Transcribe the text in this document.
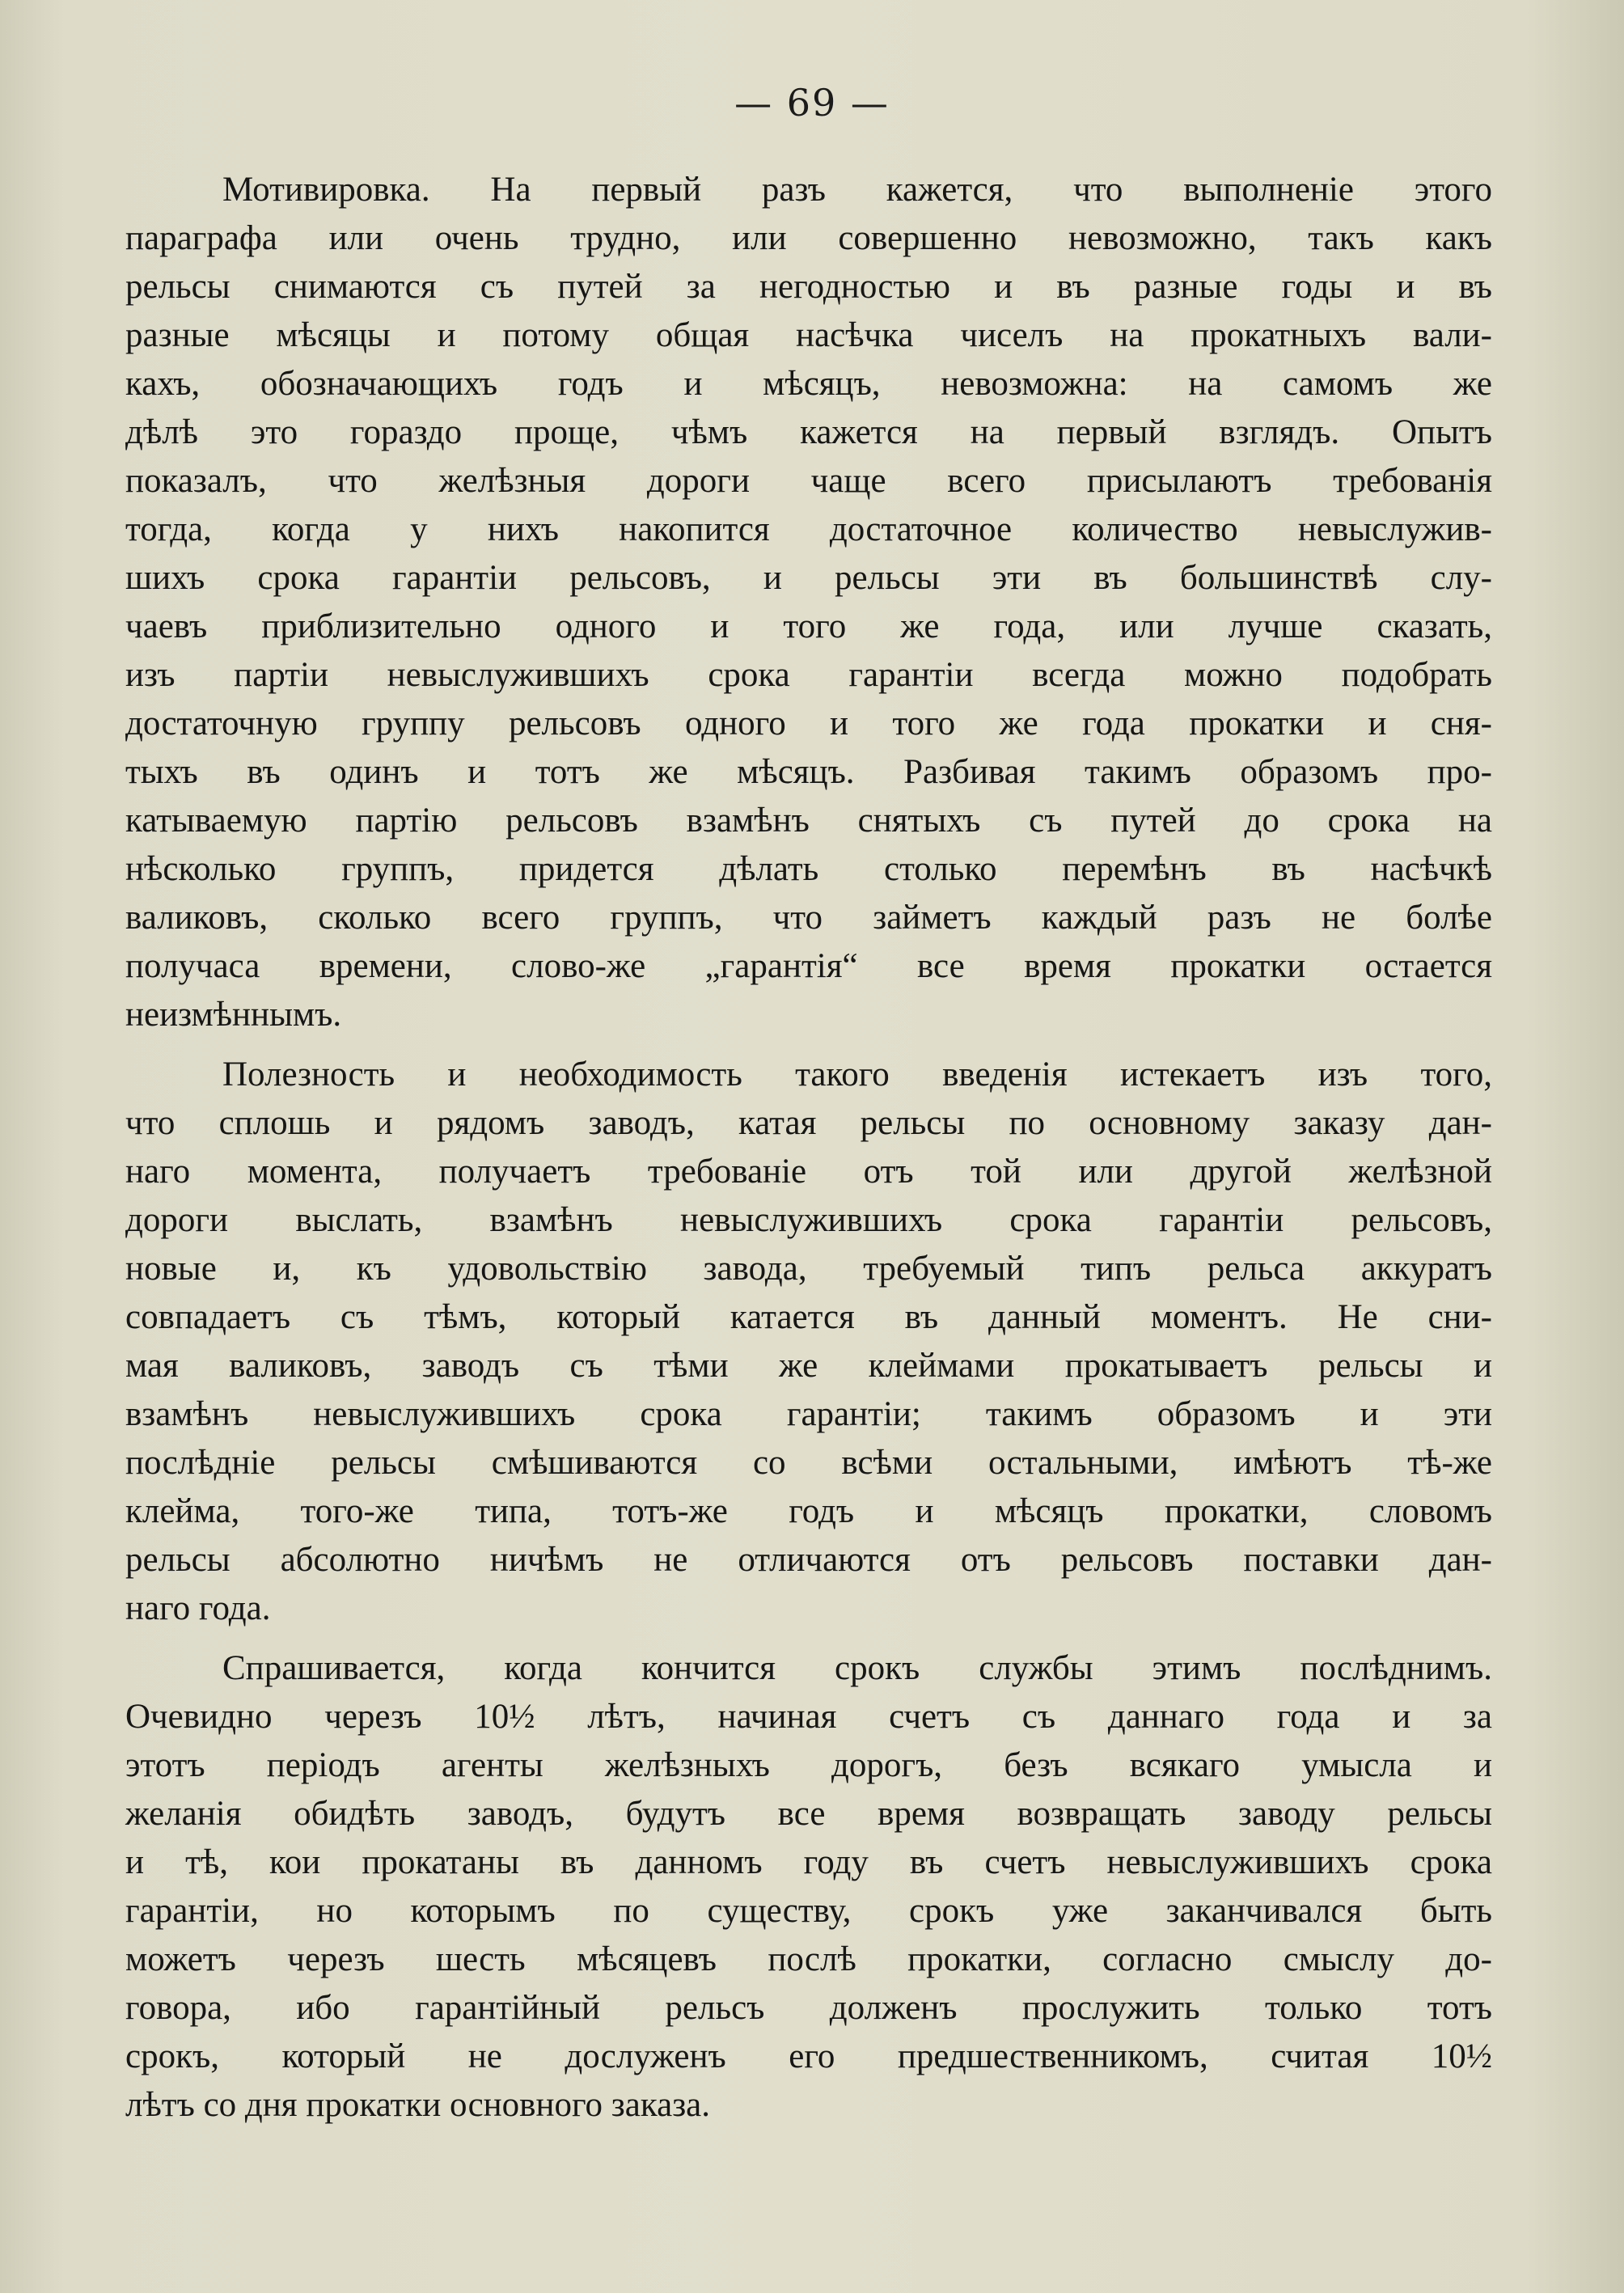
— 69 —
Мотивировка. На первый разъ кажется, что выполненіе этого
параграфа или очень трудно, или совершенно невозможно, такъ какъ
рельсы снимаются съ путей за негодностью и въ разные годы и въ
разные мѣсяцы и потому общая насѣчка чиселъ на прокатныхъ вали-
кахъ, обозначающихъ годъ и мѣсяцъ, невозможна: на самомъ же
дѣлѣ это гораздо проще, чѣмъ кажется на первый взглядъ. Опытъ
показалъ, что желѣзныя дороги чаще всего присылаютъ требованія
тогда, когда у нихъ накопится достаточное количество невыслужив-
шихъ срока гарантіи рельсовъ, и рельсы эти въ большинствѣ слу-
чаевъ приблизительно одного и того же года, или лучше сказать,
изъ партіи невыслужившихъ срока гарантіи всегда можно подобрать
достаточную группу рельсовъ одного и того же года прокатки и сня-
тыхъ въ одинъ и тотъ же мѣсяцъ. Разбивая такимъ образомъ про-
катываемую партію рельсовъ взамѣнъ снятыхъ съ путей до срока на
нѣсколько группъ, придется дѣлать столько перемѣнъ въ насѣчкѣ
валиковъ, сколько всего группъ, что займетъ каждый разъ не болѣе
получаса времени, слово-же „гарантія“ все время прокатки остается
неизмѣннымъ.
Полезность и необходимость такого введенія истекаетъ изъ того,
что сплошь и рядомъ заводъ, катая рельсы по основному заказу дан-
наго момента, получаетъ требованіе отъ той или другой желѣзной
дороги выслать, взамѣнъ невыслужившихъ срока гарантіи рельсовъ,
новые и, къ удовольствію завода, требуемый типъ рельса аккуратъ
совпадаетъ съ тѣмъ, который катается въ данный моментъ. Не сни-
мая валиковъ, заводъ съ тѣми же клеймами прокатываетъ рельсы и
взамѣнъ невыслужившихъ срока гарантіи; такимъ образомъ и эти
послѣдніе рельсы смѣшиваются со всѣми остальными, имѣютъ тѣ-же
клейма, того-же типа, тотъ-же годъ и мѣсяцъ прокатки, словомъ
рельсы абсолютно ничѣмъ не отличаются отъ рельсовъ поставки дан-
наго года.
Спрашивается, когда кончится срокъ службы этимъ послѣднимъ.
Очевидно черезъ 10½ лѣтъ, начиная счетъ съ даннаго года и за
этотъ періодъ агенты желѣзныхъ дорогъ, безъ всякаго умысла и
желанія обидѣть заводъ, будутъ все время возвращать заводу рельсы
и тѣ, кои прокатаны въ данномъ году въ счетъ невыслужившихъ срока
гарантіи, но которымъ по существу, срокъ уже заканчивался быть
можетъ черезъ шесть мѣсяцевъ послѣ прокатки, согласно смыслу до-
говора, ибо гарантійный рельсъ долженъ прослужить только тотъ
срокъ, который не дослуженъ его предшественникомъ, считая 10½
лѣтъ со дня прокатки основного заказа.
